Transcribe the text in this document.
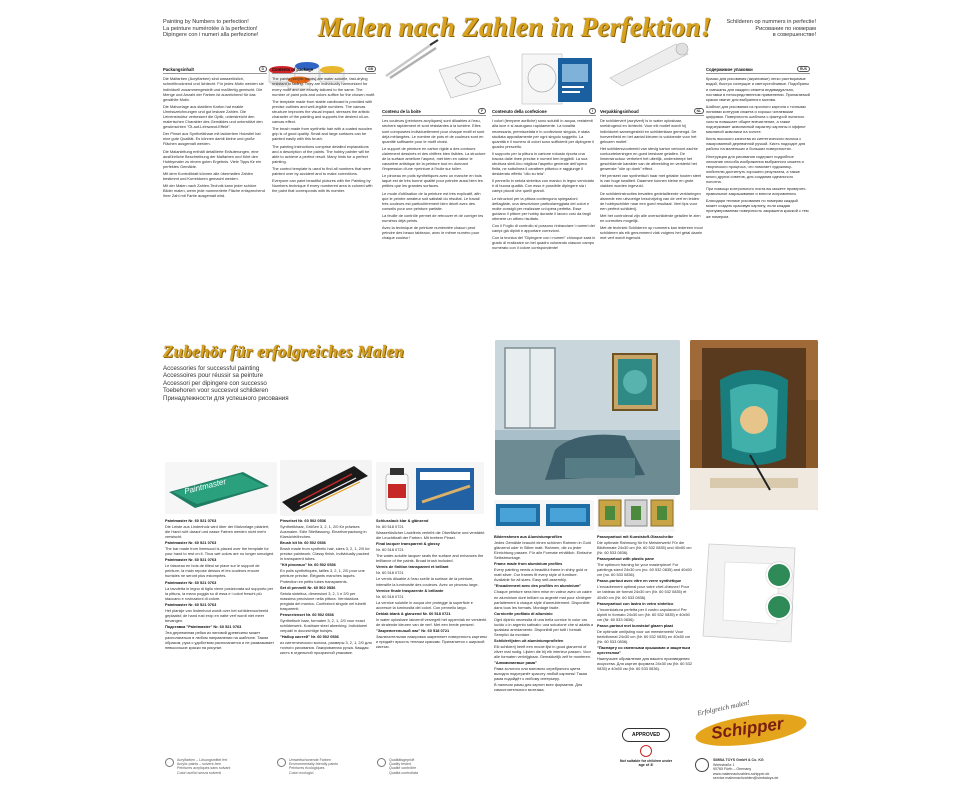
Painting by Numbers to perfection!
La peinture numérotée à la perfection!
Dipingere con i numeri alla perfezione!	Malen nach Zahlen in Perfektion!	Schilderen op nummers in perfectie!
Рисование по номерам
в совершенстве!
Packungsinhalt	D

Die Malfarben (Acrylfarben) sind wasserlöslich, schnelltrocknend und lichtecht. Für jedes Motiv werden sie individuell zusammengestellt und maßfertig gemischt. Die Menge und Anzahl der Farben ist ausreichend für das gewählte Motiv.

Die Malvorlage aus stabilem Karton hat exakte Umrisszeichnungen und gut lesbare Zahlen. Die Leinenstruktur verbessert die Optik, unterstreicht den malerischen Charakter des Gemäldes und unterstützt den gewünschten "Öl-auf-Leinwand-Effekt".

Der Pinsel aus Synthetikhaar mit lackiertem Holzstiel hat eine gute Qualität. Es können damit kleine und große Flächen ausgemalt werden.

Die Malanleitung enthält detaillierte Erläuterungen, eine ausführliche Beschreibung der Malfarben und führt den Hobbymaler zu einem guten Ergebnis. Viele Tipps für ein perfektes Gemälde.

Mit dem Kontrollblatt können alle übermalten Zahlen bestimmt und Korrekturen gemacht werden.

Mit der Malen nach Zahlen-Technik kann jeder schöne Bilder malen, wenn jede nummerierte Fläche entsprechend ihrer Zahl mit Farbe ausgemalt wird.

Contents of package	GB

The paints (acrylic paints) are water-soluble, fast-drying resistant to fading. They are individually harmonized for every motif and are exactly tailored to the same. The number of paint pots and colors suffice for the chosen motif.

The template made from stable cardboard is provided with precise outlines and well-legible numbers. The canvas structure improves the visual impact, stresses the artistic character of the painting and supports the desired oil-on-canvas effect.

The brush made from synthetic hair with a coated wooden grip is of good quality. Small and large surfaces can be painted easily with this brush.

The painting instructions comprise detailed explanations and a description of the paints. The hobby painter will be able to achieve a perfect result. Many hints for a perfect painting.

The control template is used to find all numbers that were painted over by accident and to make corrections.

Everyone can paint beautiful pictures with the Painting by Numbers technique if every numbered area is colored with the paint that corresponds with its number.

Contenu de la boite	F

Les couleurs (peintures acryliques) sont diluables à l'eau, sèchent rapidement et sont résistantes à la lumière. Elles sont composées individuellement pour chaque motif et sont déjà mélangées. Le nombre de pots et de couleurs sont en quantité suffisante pour le motif choisi.

Le support de peinture en carton rigide a des contours clairement dessinés et des chiffres bien lisibles. La structure de la surface améliore l'aspect, met bien en valeur le caractère artistique de la peinture tout en donnant l'impression d'une «peinture à l'huile sur toile».

Le pinceau en poils synthétiques avec un manche en bois laqué est de très bonne qualité pour peindre aussi bien les petites que les grandes surfaces.

Le mode d'utilisation de la peinture est très explicatif, afin que le peintre amateur soit satisfait du résultat. Le travail très couleurs est particulièrement bien décrit avec des conseils pour une peinture parfaite.

La feuille de contrôle permet de retrouver et de corriger les numéros déjà peints.

Avec la technique de peinture numérotée chacun peut peindre des beaux tableaux, avec le même numéro pour chaque couleur!

Contenuto della confezione	I

I colori (tempere acriliche) sono solubili in acqua, resistenti alla luce e si asciugano rapidamente. La tonalità necessaria, premiscelata e in confezione singola, è stata studiata appositamente per ogni singolo soggetto. La quantità e il numero di colori sono sufficienti per dipingere il quadro prescelto.

Il supporto per la pittura in cartone robusto riporta una traccia dalle linee precise e numeri ben leggibili. La sua struttura simil-lino migliora l'aspetto generale dell'opera finita, ne sottolinea il carattere pittorico e raggiunge il desiderato effetto "olio su tela".

Il pennello in setola sintetica con manico in legno verniciato è di buona qualità. Con esso è possibile dipingere sia i campi piccoli che quelli grandi.

Le istruzioni per la pittura contengono spiegazioni dettagliate, una descrizione particolareggiata dei colori e molte consigli per realizzare un'opera perfetta. Esse guidano il pittore per hobby durante il lavoro così da fargli ottenere un ottimo risultato.

Con il Foglio di controllo si possono rintracciare i numeri dei campi già dipinti e apportare correzioni.

Con la tecnica del "Dipingere con i numeri" chiunque sarà in grado di realizzare un bel quadro colorando ciascun campo numerato con il colore corrispondente!

Verpakkingsinhoud	NL

De schilderverf (acrylverf) is in water oplosbaar, sneldrogend en lichtecht. Voor elk motief wordt hij individueel samengesteld en schilderklaar gemengd. De hoeveelheid en het aantal kleuren is voldoende voor het gekozen motief.

Het schildersvoorbeeld van stevig karton vertoont zachte contourtekeningen en goed leesbare getallen. De linnenstructuur verbetert het uiterlijk, onderstreept het geschilderde karakter van de afbeelding en versterkt het gewenste "olie op doek" effect.

Het penseel van synthetisch haar met gelakte houten steel is van hoge kwaliteit. Daarmee kunnen kleine en grote vlakken worden ingevuld.

De schilderinstructies bevatten gedetailleerde verklaringen alsmede een uitvoerige beschrijving van de verf en leiden de hobbyschilder naar een goed resultaat. Veel tips voor een perfect schilderij.

Met het controleval zijn alle overschilderde getallen te zien en correcties mogelijk.

Met de techniek Schilderen op nummers kan iedereen mooi schilderen als elk genummerd vlak volgens het getal daarin met verf wordt ingevuld.

Содержимое упаковки	RUS

Краски для рисования (акриловые) легко растворимые водой, быстро сохнущие и светоустойчивые. Подобраны и смешаны для каждого сюжета индивидуально, поставки в непосредственном применении. Прилагаемой краски хватит для выбранного мотива.

Шаблон для рисования из прочного картона с точными линиями контуров сюжета и хорошо читаемыми цифрами. Поверхность шаблона с фактурой льняного холста повышает общее впечатление, а также подчеркивает живописный характер картины и эффект масляной живописи на холсте.

Кисть высокого качества из синтетического волоса с лакированной деревянной ручкой. Кисть подходит для работы на маленьких и больших поверхностях.

Инструкция для рисования содержит подробное описание способа изображения выбранного сюжета и творческого процесса, что помогает художнику-любителю достигнуть хорошего результата, а также много других советов, для создания идеального полотна.

При помощи контрольного листа вы можете проверить правильное закрашивание и внести исправления.

Благодаря технике рисования по номерам каждый может создать красивую картину, если каждая пронумерованная поверхность закрашена краской с тем же номером.

Zubehör für erfolgreiches Malen
Accessories for successful painting
Accessoires pour réussir sa peinture
Accessori per dipingere con successo
Toebehoren voor succesvol schilderen
Принадлежности для успешного рисования
Paintmaster

Paintmaster Nr. 60 521 0763

Die Leiste aus Lindenholz wird über der Malvorlage platziert, die Hand ruht darauf und nasse Farben werden nicht mehr verwischt.

Paintmaster Nr. 60 521 0763

The bar made from limewood is placed over the template for your hand to rest on it. Thus wet colors are no longer smudged.

Paintmaster Nr. 60 521 0763

Le faisceau en bois de tilleul se place sur le support de peinture, la main repose dessus et les couleurs encore humides ne seront plus estompées.

Paintmaster Nr. 60 521 0763

La tavoletta in legno di tiglio viene posizionata sul supporto per la pittura, la mano poggia su di essa e i colori freschi più staccano e rovinazioni di colore.

Paintmaster Nr. 60 521 0763

Het plankje van lindenhout wordt over het schildervoorbeeld geplaatst; de hand rust erop en natte verf wordt niet meer bevangen.

Подставка "Paintmaster" Nr. 60 521 0763

Эта деревянная рейка из липовой древесины может располагаться в любом направлении на шаблоне. Таким образом, рука с удобством располагается и не размазывает невысохшие краски на рисунке.

Pinselset Nr. 60 502 0536

Synthetikhaar, Größen 3, 2, 1, 2/0 für präzises Ausmalen. Edle Stielfassung. Einzelverpackung in Klarsichtröhrchen.

Brush kit Nr. 60 502 0536

Brush made from synthetic hair, sizes 3, 2, 1, 2/0 for precise paintwork. Classy finish, individually packed in transparent tubes.

"Kit pinceaux" Nr. 60 502 0536

En poils synthétiques, tailles 3, 2, 1, 2/0 pour une peinture précise. Élégants manches laqués. Protection en petits tubes transparents.

Set di pennelli Nr. 60 502 0536

Setola sintetica, dimensioni 3, 2, 1 e 2/0 per massima precisione nella pittura. Verniciatura pregiata del manico. Confezioni singole nel tubetti trasparenti.

Penseelenset Nr. 60 502 0536

Synthetisch haar, formaten 3, 2, 1, 2/0 voor exact schilderwerk. Kostbare steel afwerking. Individueel verpakt in doorzichtige buisjes.

"Набор кистей" Nr. 60 502 0536

из синтетического волоса, размеры 3, 2, 1, 2/0 для точного рисования. Лакированная ручка. Каждая кисть в отдельной прозрачной упаковке.

Schlusslack klar & glänzend

Nr. 60 518 0721

Wasserlöslicher Lackfirnis verleiht die Oberfläche und verstärkt die Leuchtkraft der Farben. Mit breitem Pinsel.

Final lacquer transparent & glossy

Nr. 60 518 0721

The water-soluble lacquer seals the surface and enhances the brilliance of the paints. Broad brush included.

Vernis de finition transparent et brillant

Nr. 60 518 0721

Le vernis diluable à l'eau scelle la surface de la peinture, intensifie la luminosité des couleurs. Avec un pinceau large.

Vernice finale trasparente & brillante

Nr. 60 518 0721

La vernice solubile in acqua che protegge la superficie e accresce la luminosità dei colori. Con pennello largo.

Deklak blank & glanzend Nr. 60 518 0721

In water oplosbare lakvernif verzegelt het oppervlak en versterkt de stralende kleuren van de verf. Met een brede penseel.

"Закрепительный лак" Nr. 60 518 0721

Заключительная лакировка закрепляет поверхность картины и придаёт яркость теплым краскам. Прилагается с широкой кистью.

Bilderrahmen aus Aluminiumprofilen

Jedes Gemälde braucht einen schönen Rahmen in Gold glänzend oder in Silber matt. Rahmen, die zu jeder Einrichtung passen. Für alle Formate erhältlich. Einfache Selbstmontage.

Frame made from aluminium profiles

Every painting needs a beautiful frame in shiny gold or matt silver. Our frames fit every style of furniture. Available for all sizes. Easy self-assembly.

"Encadrement avec des profilés en aluminium"

Chaque peinture sera bien mise en valeur avec un cadre en aluminium doré brillant ou argenté mat pour s'intégrer parfaitement à chaque style d'ameublement. Disponible dans tous les formats. Montage facile.

Cornicette profilato di alluminio

Ogni dipinto necessita di una bella cornice in color oro lucido o in argento satinato: una soluzione che si adatta a qualsiasi arredamento. Disponibili per tutti i formati. Semplici da montare.

Schilderlijsten uit aluminiumprofielen

Elk schilderij heeft een mooie lijst in goud glanzend of zilver mat nodig. Lijsten die bij elk interieur passen. Voor alle formaten verkrijgbaar. Gemakkelijk zelf te monteren.

"Алюминиевые рама"

Рама золотого или матового серебряного цвета выгодно подчеркнёт красоту любой картины! Такая рама подойдёт к любому интерьеру.

В наличии рамы для картин всех форматов. Для самостоятельного монтажа.

Passepartout mit Kunststoff-Glasscheibe

Die optimale Rahmung für Ihr Meisterwerk! Für die Bildformate 24x30 cm (Nr. 60 532 0835) und 40x50 cm (Nr. 60 533 0836).

Passepartout with plastic pane

The optimum framing for your masterpiece! For paintings sized 24x30 cm (no. 60 532 0835) and 40x50 cm (no. 60 533 0836).

Passe-partout avec vitre en verre synthétique

L'encadrement optimal pour votre chef-d'œuvre! Pour un tableau de format 24x30 cm (Nr. 60 532 0835) et 40x50 cm (Nr. 60 533 0836).

Passepartout con lastra in vetro sintetico

L'incorniciatura perfetta per il vostro capolavoro! Per dipinti in formato 24x30 cm (Nr. 60 532 0835) e 40x50 cm (Nr. 60 533 0836).

Passe-partout met kunststof glazen plaat

De optimale omlijsting voor uw meesterwerk! Voor beeldformat 24x30 cm (Nr. 60 532 0835) en 40x50 cm (Nr. 60 533 0836).

"Паспарту со сменными крышками и защитным оргстеклом"

Наилучшее обрамление для вашего произведения искусства. Для картин формата 24x30 см (Nr. 60 532 0835) и 40x50 см (Nr. 60 533 0836).

APPROVED
Not suitable for children under age of 3!
Erfolgreich malen!
Schipper
Acrylfarben – Lösungsmittel frei
Acrylic paints – solvent-free
Peintures acryliques sans solvant
Colori acrilici senza solventi
Umweltschonende Farben
Environmentally-friendly paints
Peintures écologiques
Colori ecologici
Qualitätsgeprüft
Quality tested
Qualité contrôlée
Qualità controllata
SIMBA TOYS GmbH & Co. KG
Werkstraße 1
90765 Fürth – Germany
www.malennachzahlen-schipper.de
service.malennachzahlen@simbatoys.de
